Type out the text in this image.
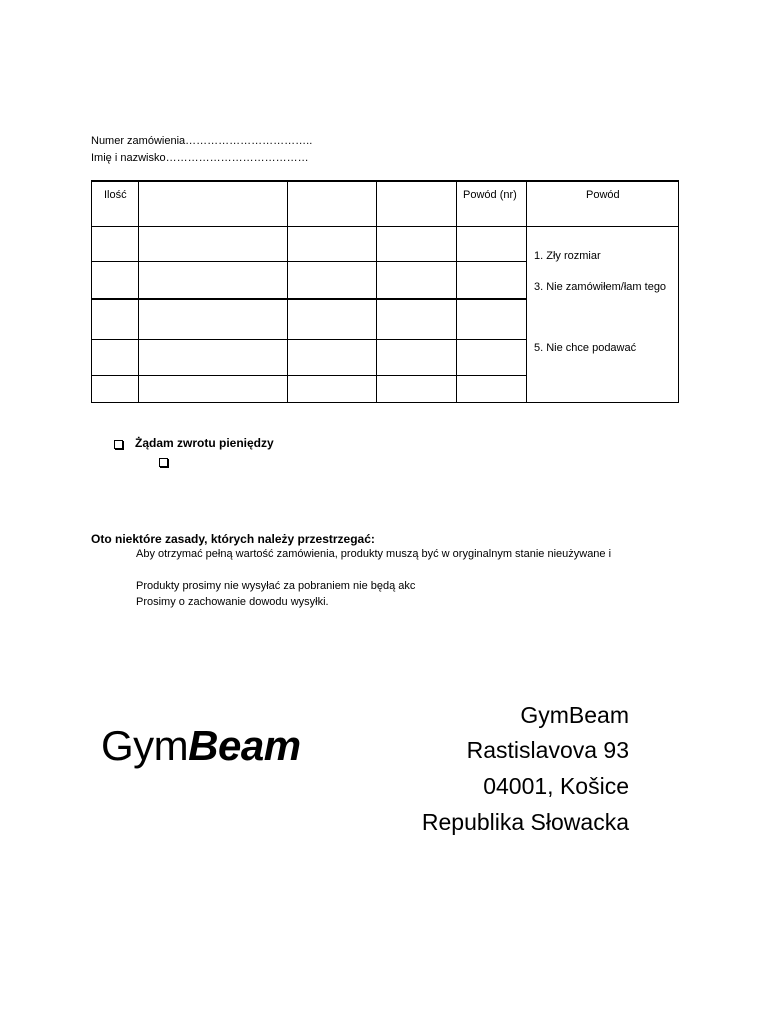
Numer zamówienia……………………………..
Imię i nazwisko…………………………………
Ilość	Powód (nr)	Powód
1. Zły rozmiar
3. Nie zamówiłem/łam tego
5. Nie chce podawać
Żądam zwrotu pieniędzy
Oto niektóre zasady, których należy przestrzegać:
Aby otrzymać pełną wartość zamówienia, produkty muszą być w oryginalnym stanie nieużywane i
Produkty prosimy nie wysyłać za pobraniem nie będą akc
Prosimy o zachowanie dowodu wysyłki.
GymBeam
GymBeam
Rastislavova 93
04001, Košice
Republika Słowacka
